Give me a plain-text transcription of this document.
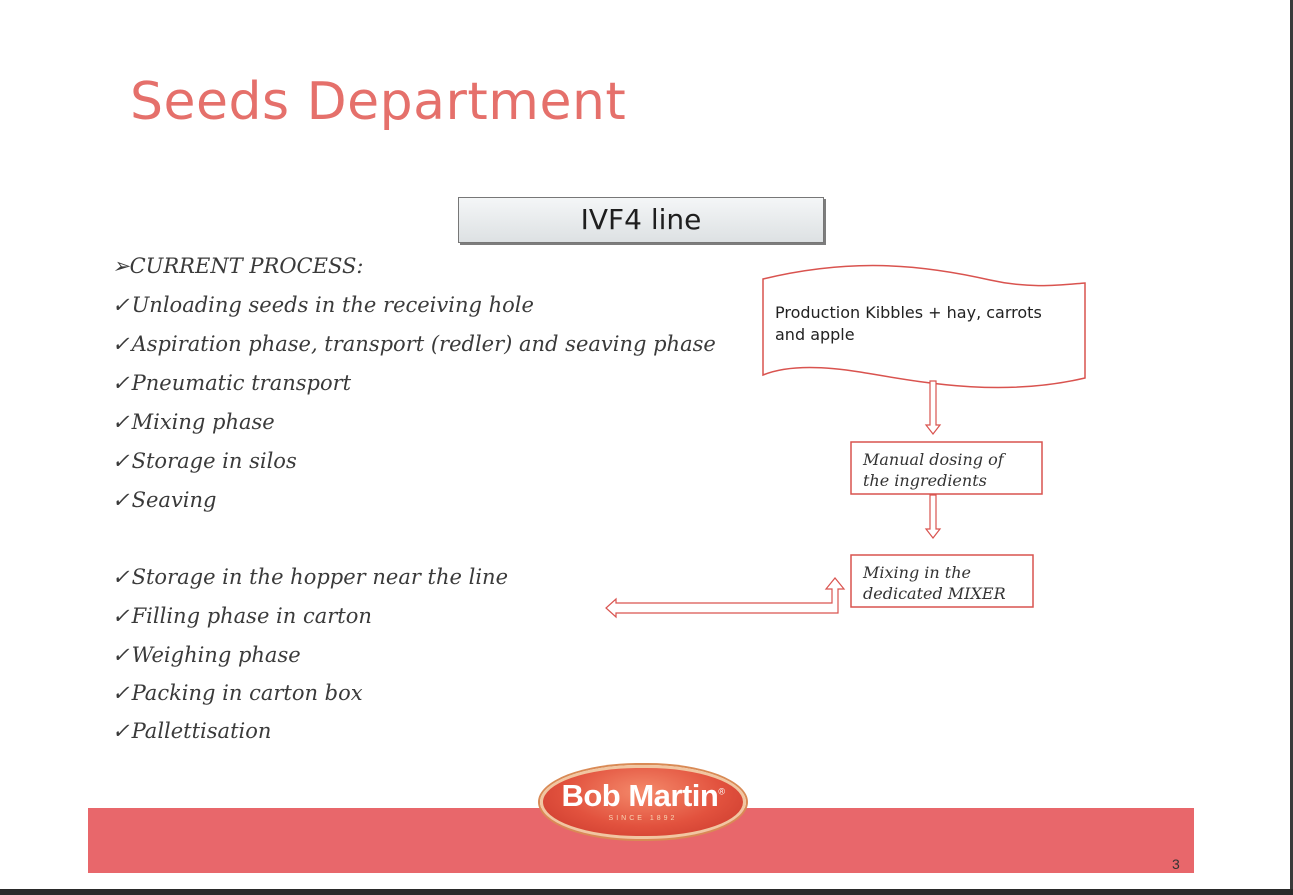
Seeds Department
IVF4 line
➢CURRENT PROCESS:
✓Unloading seeds in the receiving hole
✓Aspiration phase, transport (redler) and seaving phase
✓Pneumatic transport
✓Mixing phase
✓Storage in silos
✓Seaving
✓Storage in the hopper near the line
✓Filling phase in carton
✓Weighing phase
✓Packing in carton box
✓Pallettisation
Production Kibbles + hay, carrots
and apple
Manual dosing of
the ingredients
Mixing in the
dedicated MIXER
3
Bob Martin®
SINCE 1892
